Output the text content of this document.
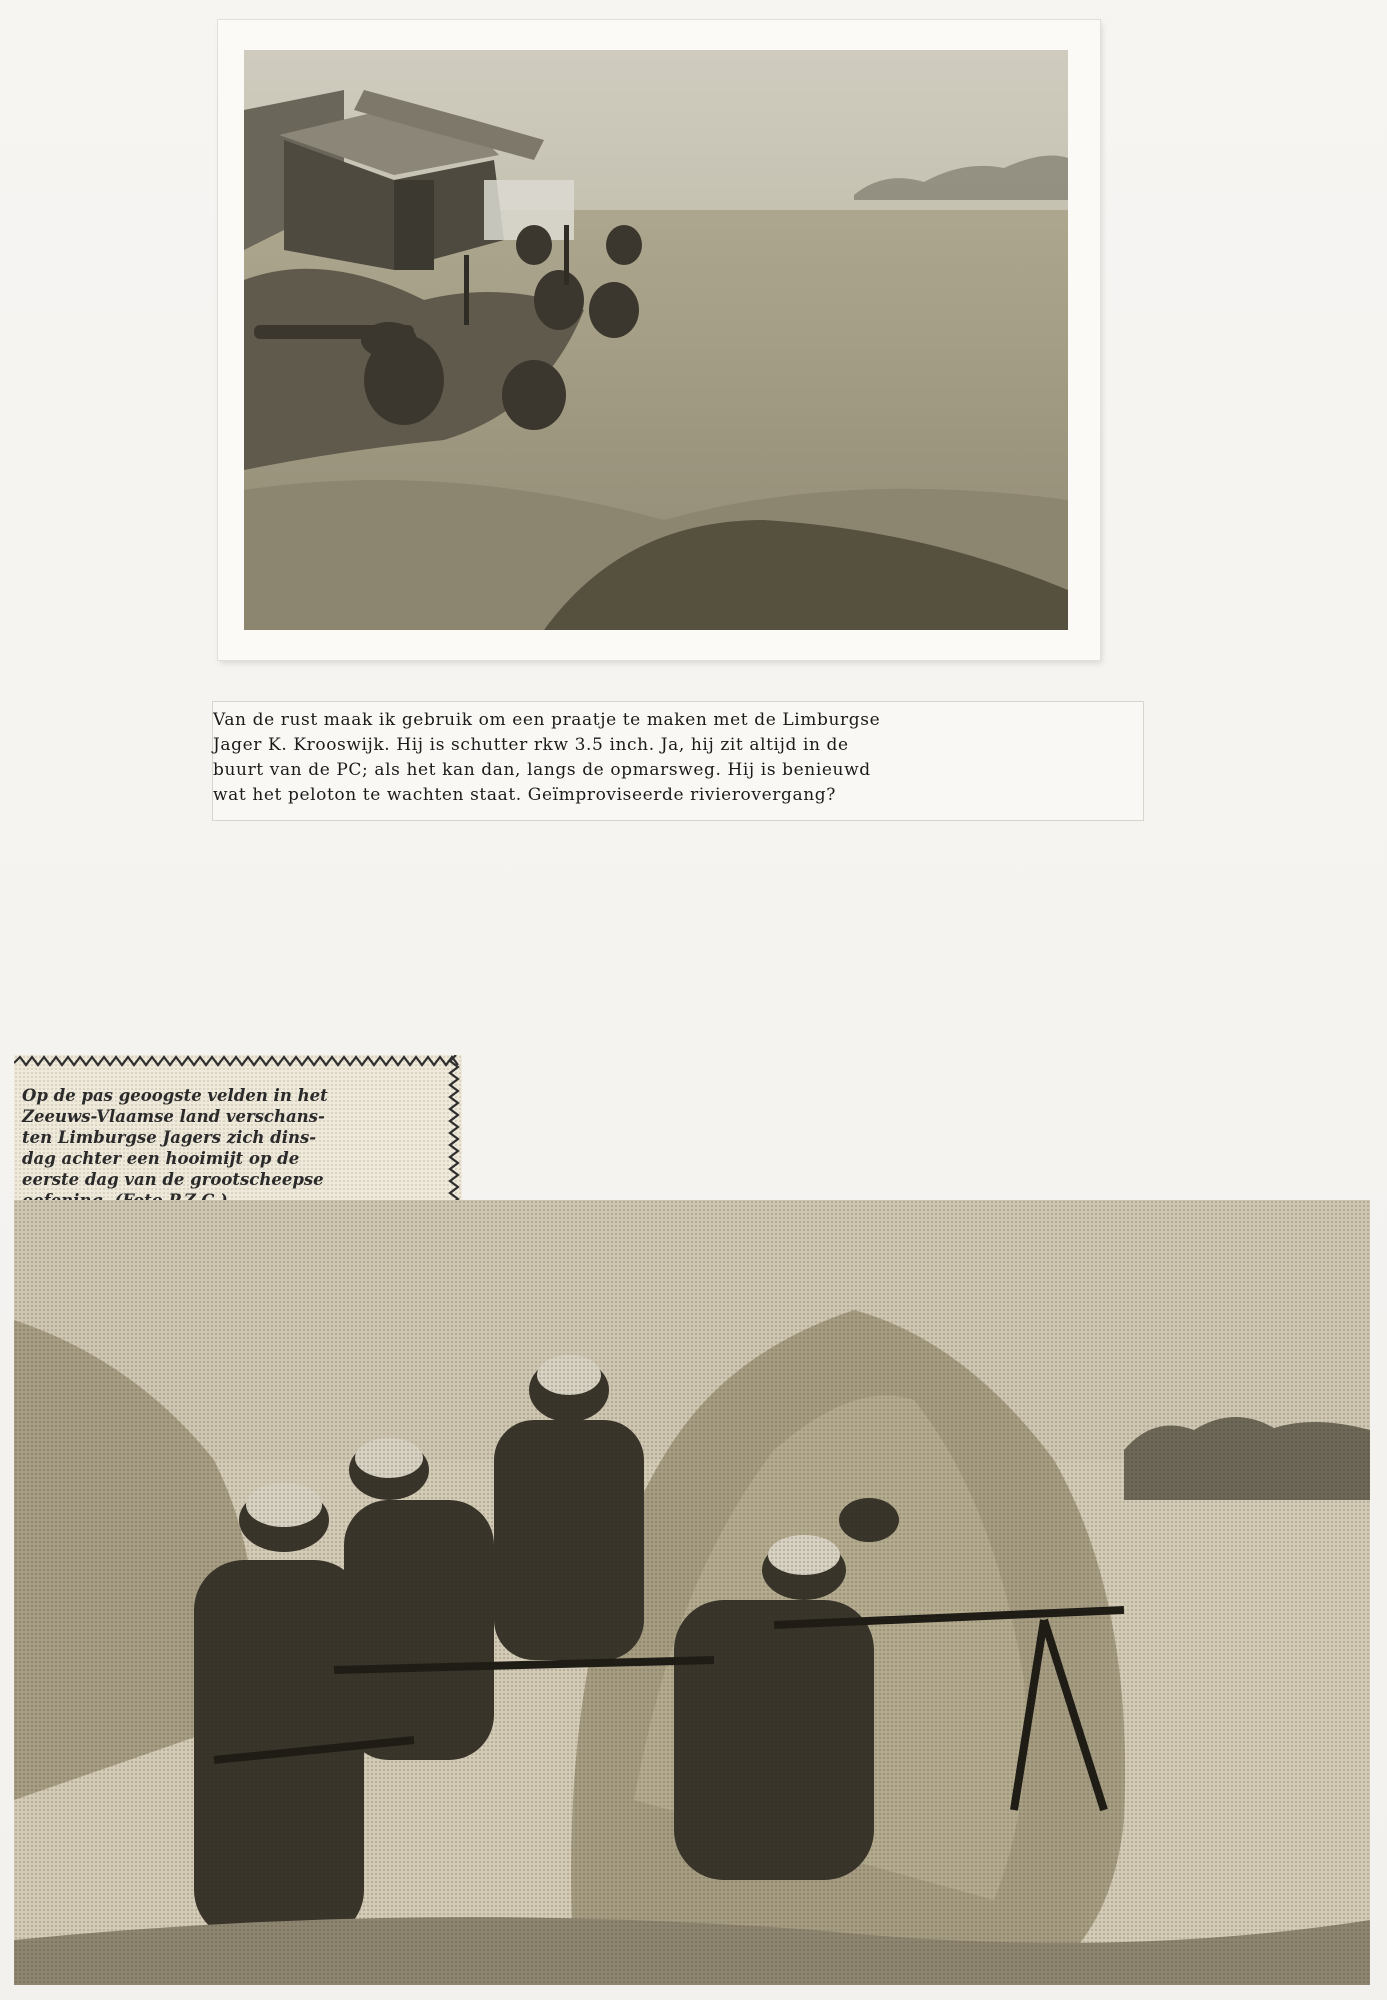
Van de rust maak ik gebruik om een praatje te maken met de Limburgse
Jager K. Krooswijk. Hij is schutter rkw 3.5 inch. Ja, hij zit altijd in de
buurt van de PC; als het kan dan, langs de opmarsweg. Hij is benieuwd
wat het peloton te wachten staat. Geïmproviseerde rivierovergang?

Op de pas geoogste velden in het
Zeeuws-Vlaamse land verschans-
ten Limburgse Jagers zich dins-
dag achter een hooimijt op de
eerste dag van de grootscheepse
